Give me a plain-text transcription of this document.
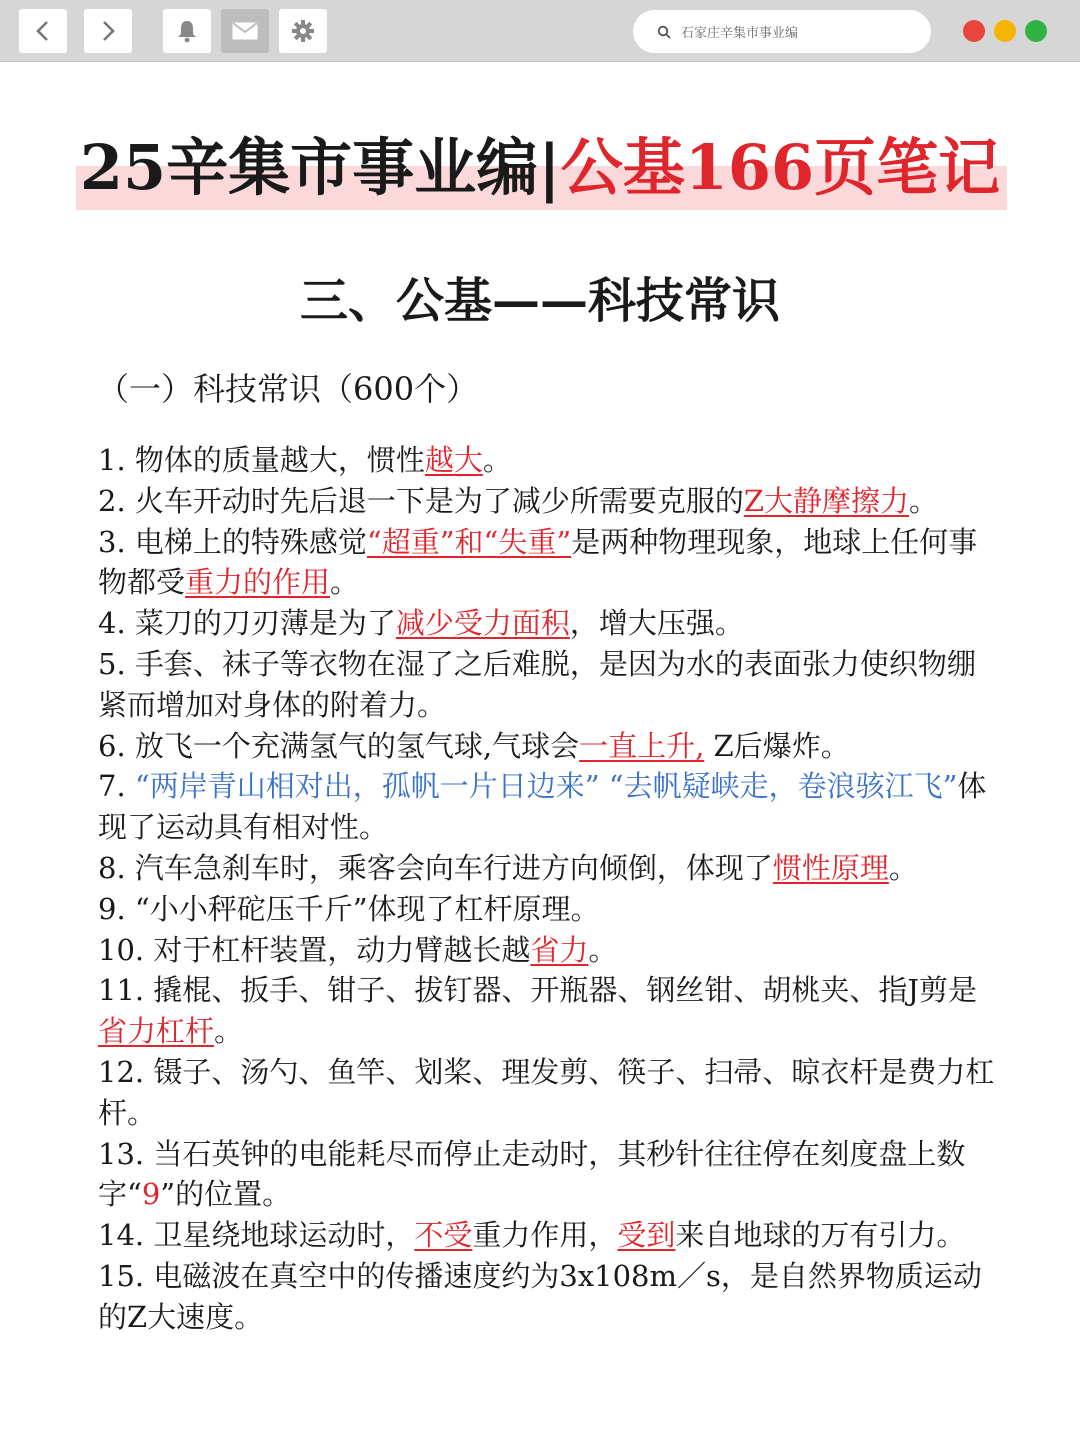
石家庄辛集市事业编
25辛集市事业编|公基166页笔记
三、公基——科技常识
（一）科技常识（600个）

1. 物体的质量越大，惯性越大。

2. 火车开动时先后退一下是为了减少所需要克服的Z大静摩擦力。

3. 电梯上的特殊感觉“超重”和“失重”是两种物理现象，地球上任何事物都受重力的作用。

4. 菜刀的刀刃薄是为了减少受力面积，增大压强。

5. 手套、袜子等衣物在湿了之后难脱，是因为水的表面张力使织物绷紧而增加对身体的附着力。

6. 放飞一个充满氢气的氢气球,气球会一直上升, Z后爆炸。

7. “两岸青山相对出，孤帆一片日边来” “去帆疑峡走，卷浪骇江飞”体现了运动具有相对性。

8. 汽车急刹车时，乘客会向车行进方向倾倒，体现了惯性原理。

9. “小小秤砣压千斤”体现了杠杆原理。

10. 对于杠杆装置，动力臂越长越省力。

11. 撬棍、扳手、钳子、拔钉器、开瓶器、钢丝钳、胡桃夹、指J剪是省力杠杆。

12. 镊子、汤勺、鱼竿、划桨、理发剪、筷子、扫帚、晾衣杆是费力杠杆。

13. 当石英钟的电能耗尽而停止走动时，其秒针往往停在刻度盘上数字“9”的位置。

14. 卫星绕地球运动时，不受重力作用，受到来自地球的万有引力。

15. 电磁波在真空中的传播速度约为3x108m／s，是自然界物质运动的Z大速度。
